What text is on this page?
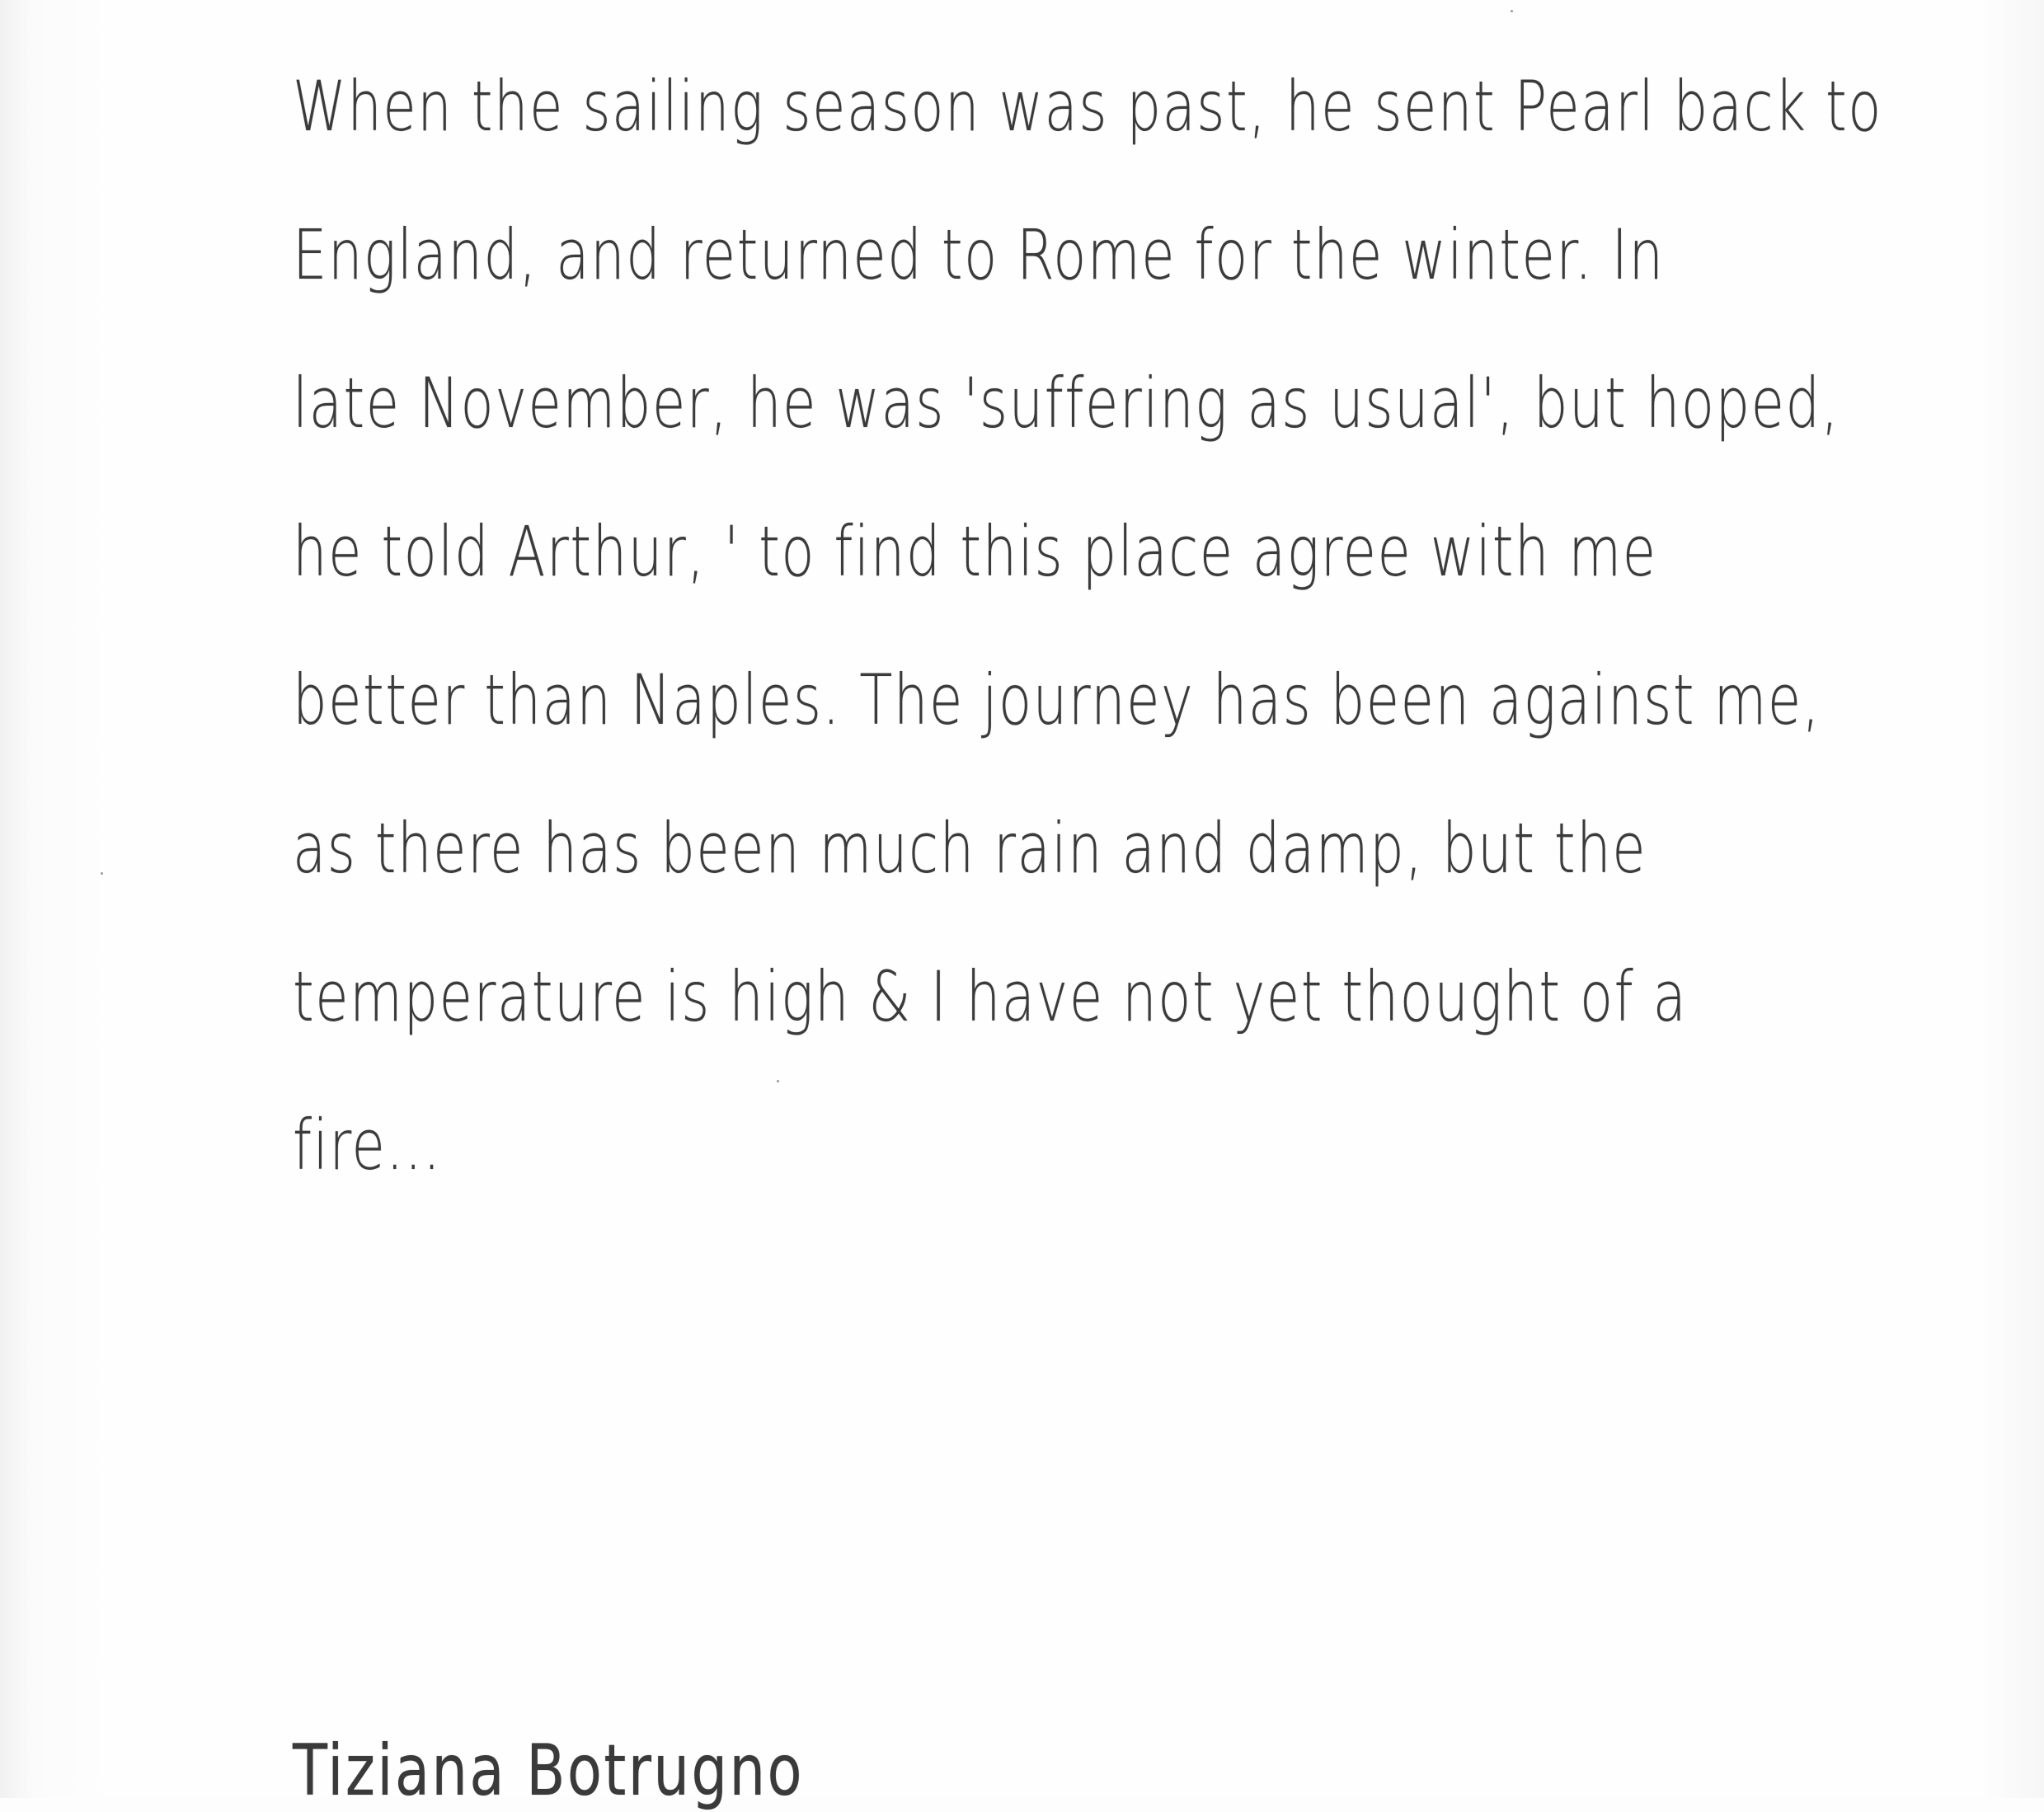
When the sailing season was past, he sent Pearl back to
England, and returned to Rome for the winter. In
late November, he was 'suffering as usual', but hoped,
he told Arthur, ' to find this place agree with me
better than Naples. The journey has been against me,
as there has been much rain and damp, but the
temperature is high & I have not yet thought of a
fire...
Tiziana Botrugno
